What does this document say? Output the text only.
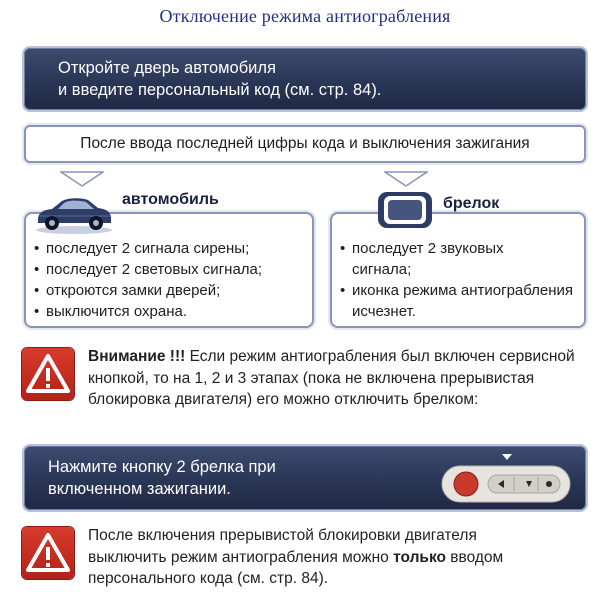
Отключение режима антиограбления
Откройте дверь автомобиля
и введите персональный код (см. стр. 84).
После ввода последней цифры кода и выключения зажигания
• последует 2 сигнала сирены;
• последует 2 световых сигнала;
• откроются замки дверей;
• выключится охрана.
автомобиль
• последует 2 звуковых сигнала;
• иконка режима антиограбления исчезнет.
брелок
Внимание !!! Если режим антиограбления был включен сервисной кнопкой, то на 1, 2 и 3 этапах (пока не включена прерывистая блокировка двигателя) его можно отключить брелком:
Нажмите кнопку 2 брелка при
включенном зажигании.
После включения прерывистой блокировки двигателя выключить режим антиограбления можно только вводом персонального кода (см. стр. 84).
